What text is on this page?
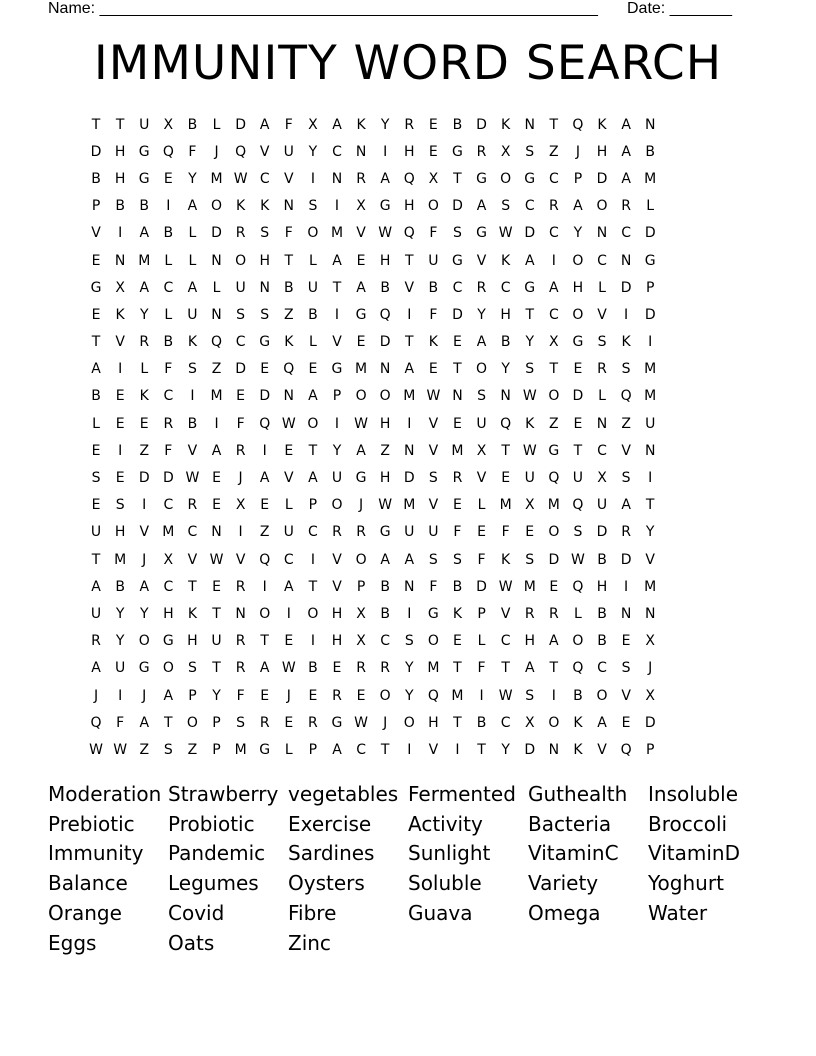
Name: ________________________________________________________ Date: _______
IMMUNITY WORD SEARCH
T	T	U	X	B	L	D A	F	X	A	K	Y	R	E	B D	K	N	T	Q K	A	N
D H G Q	F	J	Q V	U	Y	C N	I	H	E	G R	X	S	Z	J	H	A	B
B	H G	E	Y M W C	V	I	N R	A Q X	T	G O G C	P	D A M
P	B	B	I	A O K	K	N	S	I	X G H O D A	S	C	R	A O R	L
V	I	A	B	L	D R	S	F	O M V W Q	F	S	G W D C	Y	N C D
E	N M	L	L	N O H	T	L	A	E	H	T	U G V	K	A	I	O C N G
G X	A	C	A	L	U N	B	U	T	A	B	V	B	C	R	C G A	H	L	D	P
E	K	Y	L	U N	S	S	Z	B	I	G Q	I	F	D	Y	H	T	C O V	I	D
T	V	R	B	K Q C G	K	L	V	E	D	T	K	E	A	B	Y	X G	S	K	I
A	I	L	F	S	Z D	E	Q	E	G M N	A	E	T	O	Y	S	T	E	R	S M
B	E	K	C	I	M E	D N	A	P	O O M W N	S	N W O D	L	Q M
L	E	E	R	B	I	F	Q W O	I	W H	I	V	E	U Q K	Z	E	N	Z	U
E	I	Z	F	V	A	R	I	E	T	Y	A	Z	N	V M X	T W G	T	C	V	N
S	E	D D W E	J	A	V	A	U G H D	S	R	V	E	U Q U	X	S	I
E	S	I	C	R	E	X	E	L	P	O	J	W M V	E	L	M X M Q U	A	T
U H	V M C N	I	Z	U	C	R	R G U U	F	E	F	E	O	S	D R	Y
T M	J	X	V W V Q C	I	V O A	A	S	S	F	K	S	D W B D V
A	B	A	C	T	E	R	I	A	T	V	P	B	N	F	B D W M E	Q H	I	M
U	Y	Y	H	K	T	N O	I	O H	X	B	I	G	K	P	V	R	R	L	B	N N
R	Y	O G H U	R	T	E	I	H	X	C	S	O	E	L	C H	A O B	E	X
A	U G O	S	T	R	A W B	E	R	R	Y M T	F	T	A	T	Q C	S	J
J	I	J	A	P	Y	F	E	J	E	R	E	O	Y	Q M	I	W S	I	B O V	X
Q	F	A	T	O	P	S	R	E	R G W	J	O H	T	B	C	X O K	A	E	D
W W Z	S	Z	P M G	L	P	A	C	T	I	V	I	T	Y	D N	K	V Q	P
Moderation Strawberry vegetables Fermented Guthealth	Insoluble
Prebiotic	Probiotic	Exercise	Activity	Bacteria	Broccoli
Immunity	Pandemic	Sardines	Sunlight	VitaminC	VitaminD
Balance	Legumes	Oysters	Soluble	Variety	Yoghurt
Orange	Covid	Fibre	Guava	Omega	Water
Eggs	Oats	Zinc
